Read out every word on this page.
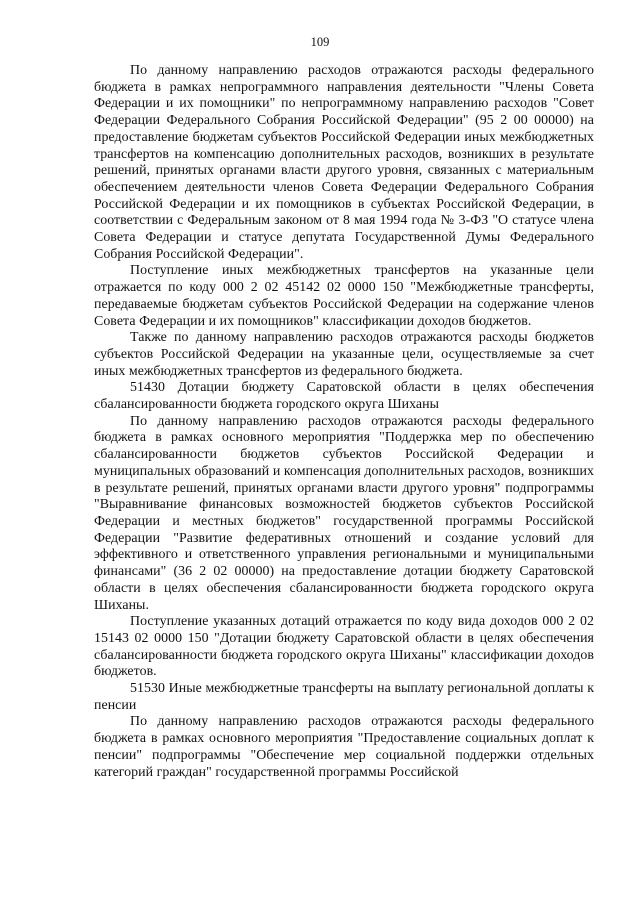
109

По данному направлению расходов отражаются расходы федерального бюджета в рамках непрограммного направления деятельности "Члены Совета Федерации и их помощники" по непрограммному направлению расходов "Совет Федерации Федерального Собрания Российской Федерации" (95 2 00 00000) на предоставление бюджетам субъектов Российской Федерации иных межбюджетных трансфертов на компенсацию дополнительных расходов, возникших в результате решений, принятых органами власти другого уровня, связанных с материальным обеспечением деятельности членов Совета Федерации Федерального Собрания Российской Федерации и их помощников в субъектах Российской Федерации, в соответствии с Федеральным законом от 8 мая 1994 года № 3-ФЗ "О статусе члена Совета Федерации и статусе депутата Государственной Думы Федерального Собрания Российской Федерации".

Поступление иных межбюджетных трансфертов на указанные цели отражается по коду 000 2 02 45142 02 0000 150 "Межбюджетные трансферты, передаваемые бюджетам субъектов Российской Федерации на содержание членов Совета Федерации и их помощников" классификации доходов бюджетов.

Также по данному направлению расходов отражаются расходы бюджетов субъектов Российской Федерации на указанные цели, осуществляемые за счет иных межбюджетных трансфертов из федерального бюджета.

51430 Дотации бюджету Саратовской области в целях обеспечения сбалансированности бюджета городского округа Шиханы

По данному направлению расходов отражаются расходы федерального бюджета в рамках основного мероприятия "Поддержка мер по обеспечению сбалансированности бюджетов субъектов Российской Федерации и муниципальных образований и компенсация дополнительных расходов, возникших в результате решений, принятых органами власти другого уровня" подпрограммы "Выравнивание финансовых возможностей бюджетов субъектов Российской Федерации и местных бюджетов" государственной программы Российской Федерации "Развитие федеративных отношений и создание условий для эффективного и ответственного управления региональными и муниципальными финансами" (36 2 02 00000) на предоставление дотации бюджету Саратовской области в целях обеспечения сбалансированности бюджета городского округа Шиханы.

Поступление указанных дотаций отражается по коду вида доходов 000 2 02 15143 02 0000 150 "Дотации бюджету Саратовской области в целях обеспечения сбалансированности бюджета городского округа Шиханы" классификации доходов бюджетов.

51530 Иные межбюджетные трансферты на выплату региональной доплаты к пенсии

По данному направлению расходов отражаются расходы федерального бюджета в рамках основного мероприятия "Предоставление социальных доплат к пенсии" подпрограммы "Обеспечение мер социальной поддержки отдельных категорий граждан" государственной программы Российской
